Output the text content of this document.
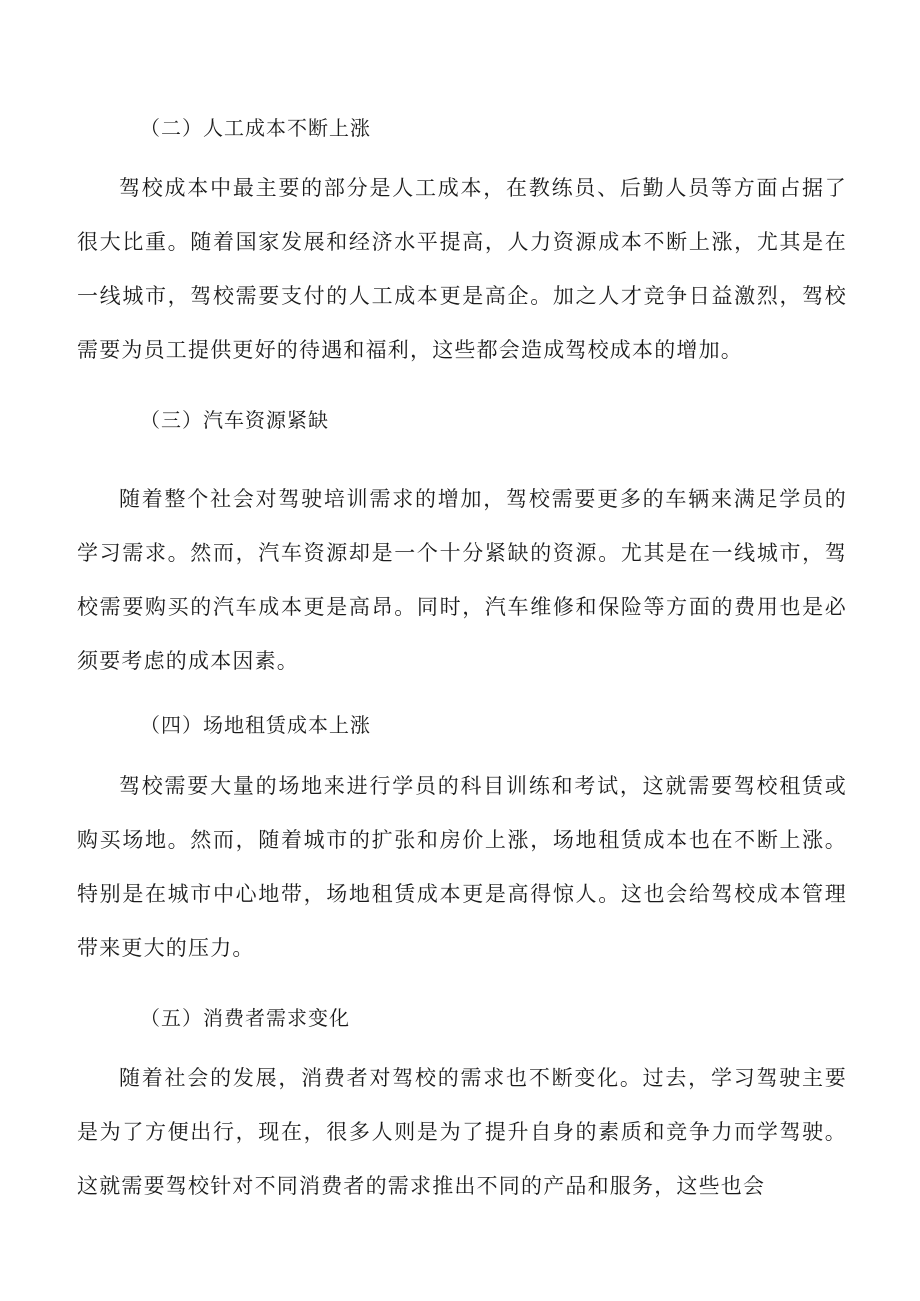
（二）人工成本不断上涨

驾校成本中最主要的部分是人工成本，在教练员、后勤人员等方面占据了很大比重。随着国家发展和经济水平提高，人力资源成本不断上涨，尤其是在一线城市，驾校需要支付的人工成本更是高企。加之人才竞争日益激烈，驾校需要为员工提供更好的待遇和福利，这些都会造成驾校成本的增加。

（三）汽车资源紧缺

随着整个社会对驾驶培训需求的增加，驾校需要更多的车辆来满足学员的学习需求。然而，汽车资源却是一个十分紧缺的资源。尤其是在一线城市，驾校需要购买的汽车成本更是高昂。同时，汽车维修和保险等方面的费用也是必须要考虑的成本因素。

（四）场地租赁成本上涨

驾校需要大量的场地来进行学员的科目训练和考试，这就需要驾校租赁或购买场地。然而，随着城市的扩张和房价上涨，场地租赁成本也在不断上涨。特别是在城市中心地带，场地租赁成本更是高得惊人。这也会给驾校成本管理带来更大的压力。

（五）消费者需求变化

随着社会的发展，消费者对驾校的需求也不断变化。过去，学习驾驶主要是为了方便出行，现在，很多人则是为了提升自身的素质和竞争力而学驾驶。这就需要驾校针对不同消费者的需求推出不同的产品和服务，这些也会
